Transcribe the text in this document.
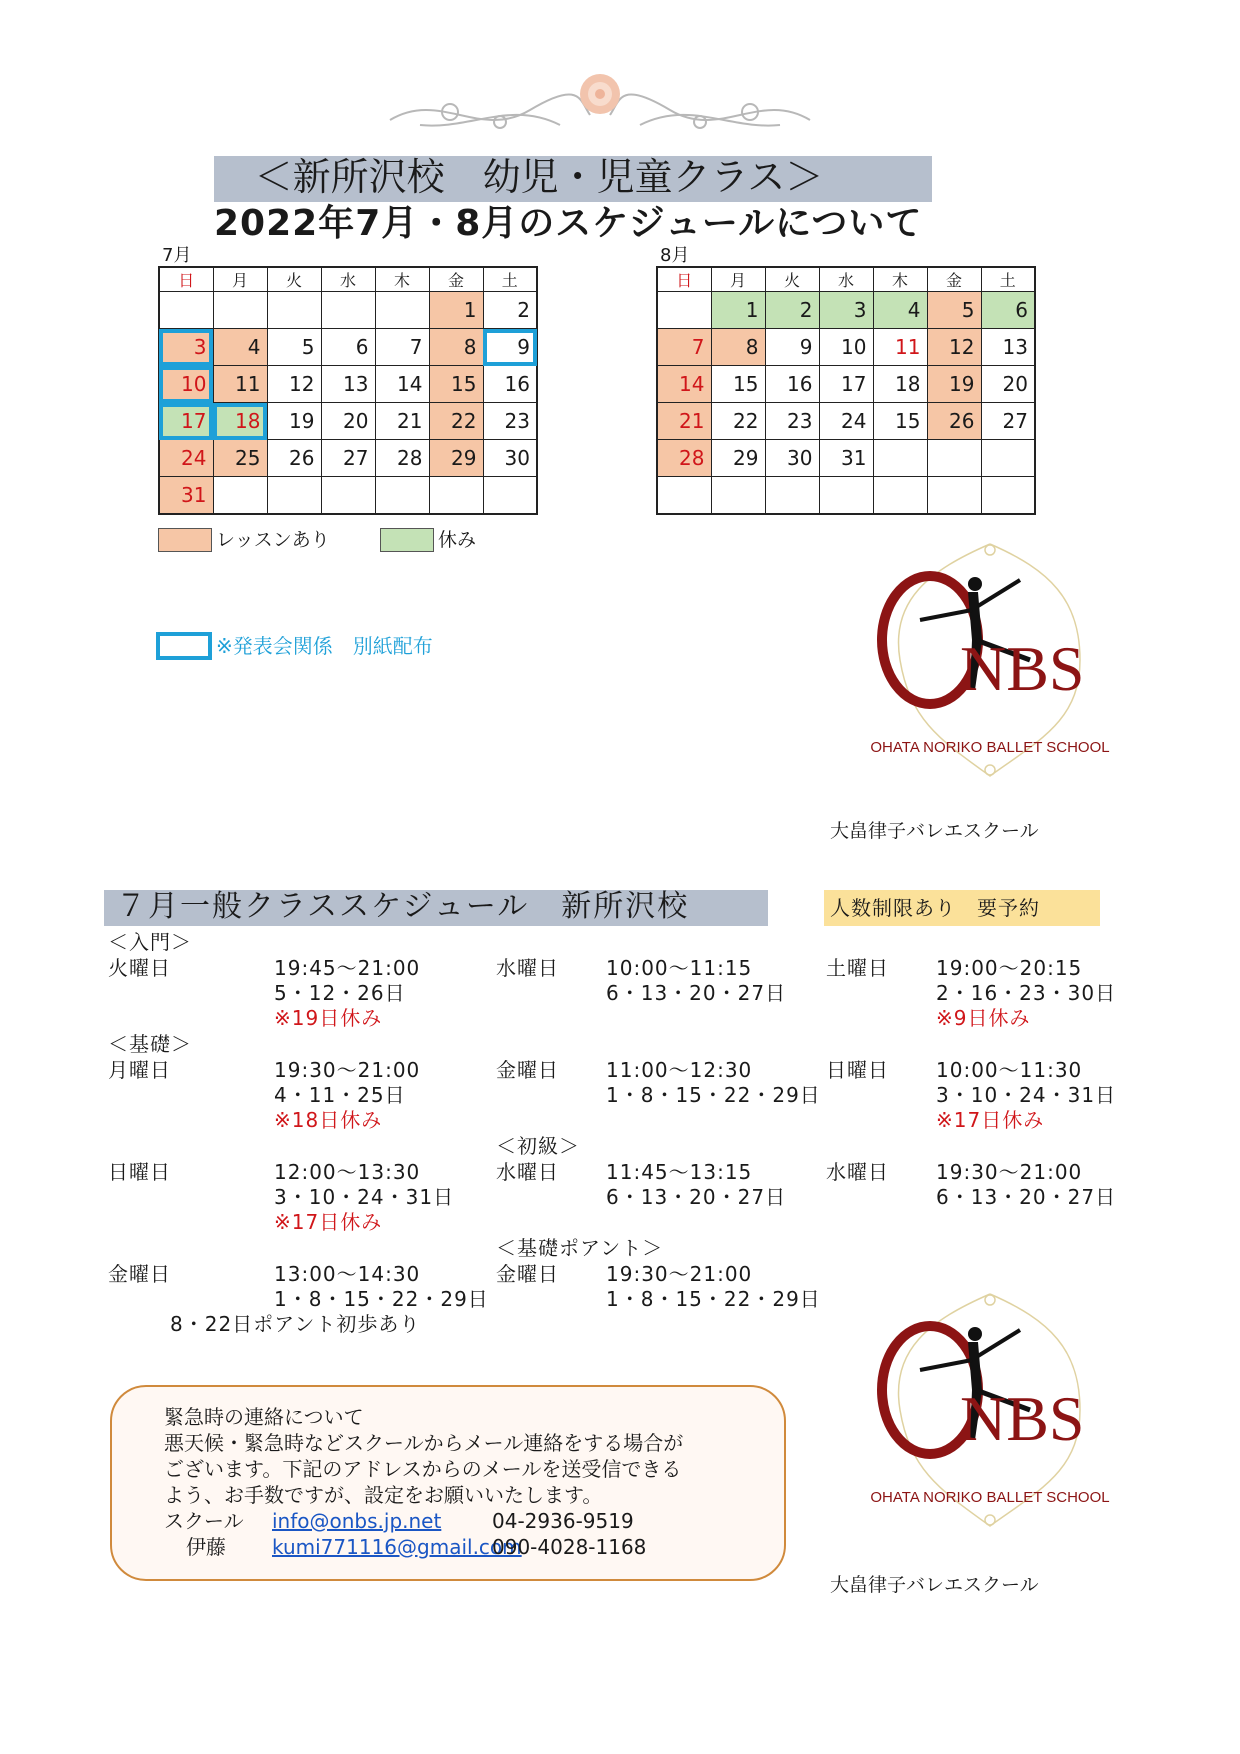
＜新所沢校　幼児・児童クラス＞
2022年7月・8月のスケジュールについて
7月
日	月	火	水	木	金	土
					1	2
3	4	5	6	7	8	9
10	11	12	13	14	15	16
17	18	19	20	21	22	23
24	25	26	27	28	29	30
31						
8月
日	月	火	水	木	金	土
	1	2	3	4	5	6
7	8	9	10	11	12	13
14	15	16	17	18	19	20
21	22	23	24	15	26	27
28	29	30	31			

レッスンあり	休み
※発表会関係　別紙配布	NBS
OHATA NORIKO BALLET SCHOOL
大畠律子バレエスクール
７月一般クラススケジュール　新所沢校	人数制限あり　要予約
＜入門＞
＜基礎＞
＜初級＞
＜基礎ポアント＞
火曜日	19:45〜21:00
5・12・26日
※19日休み
水曜日 10:00〜11:15
6・13・20・27日
土曜日 19:00〜20:15
2・16・23・30日
※9日休み
月曜日	19:30〜21:00
4・11・25日
※18日休み
金曜日 11:00〜12:30
1・8・15・22・29日
日曜日 10:00〜11:30
3・10・24・31日
※17日休み
日曜日	12:00〜13:30
3・10・24・31日
※17日休み
水曜日 11:45〜13:15
6・13・20・27日
水曜日 19:30〜21:00
6・13・20・27日
金曜日	13:00〜14:30
1・8・15・22・29日
8・22日ポアント初歩あり
金曜日 19:30〜21:00
1・8・15・22・29日
緊急時の連絡について
悪天候・緊急時などスクールからメール連絡をする場合が
ございます。下記のアドレスからのメールを送受信できる
よう、お手数ですが、設定をお願いいたします。
スクール info@onbs.jp.net	04-2936-9519
伊藤 kumi771116@gmail.com
090-4028-1168
NBS
OHATA NORIKO BALLET SCHOOL
大畠律子バレエスクール
